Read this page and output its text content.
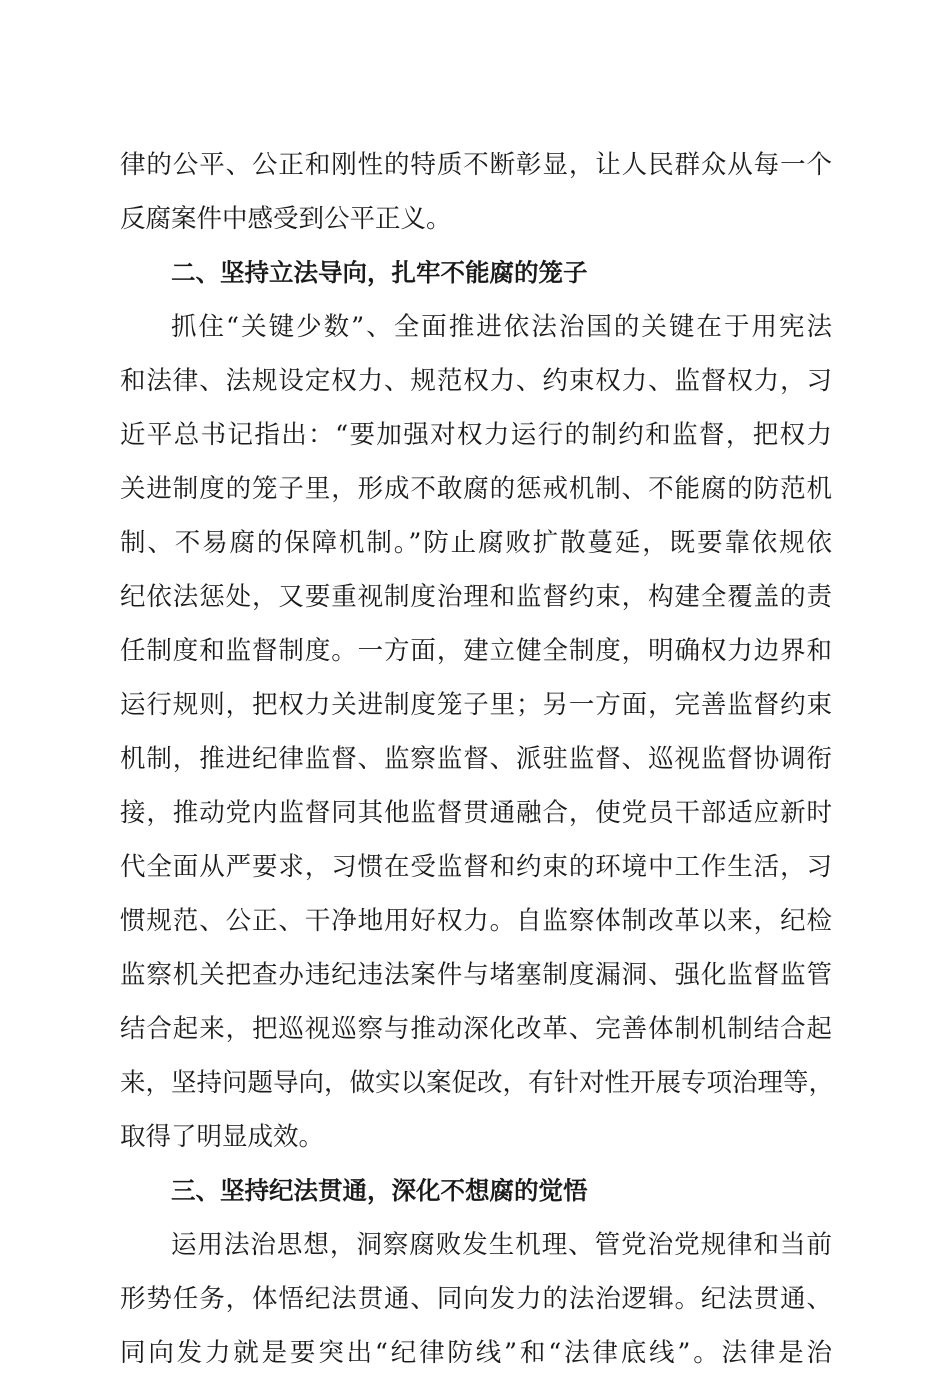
律的公平、公正和刚性的特质不断彰显，让人民群众从每一个
反腐案件中感受到公平正义。
二、坚持立法导向，扎牢不能腐的笼子
抓住“关键少数”、全面推进依法治国的关键在于用宪法
和法律、法规设定权力、规范权力、约束权力、监督权力，习
近平总书记指出：“要加强对权力运行的制约和监督，把权力
关进制度的笼子里，形成不敢腐的惩戒机制、不能腐的防范机
制、不易腐的保障机制。”防止腐败扩散蔓延，既要靠依规依
纪依法惩处，又要重视制度治理和监督约束，构建全覆盖的责
任制度和监督制度。一方面，建立健全制度，明确权力边界和
运行规则，把权力关进制度笼子里；另一方面，完善监督约束
机制，推进纪律监督、监察监督、派驻监督、巡视监督协调衔
接，推动党内监督同其他监督贯通融合，使党员干部适应新时
代全面从严要求，习惯在受监督和约束的环境中工作生活，习
惯规范、公正、干净地用好权力。自监察体制改革以来，纪检
监察机关把查办违纪违法案件与堵塞制度漏洞、强化监督监管
结合起来，把巡视巡察与推动深化改革、完善体制机制结合起
来，坚持问题导向，做实以案促改，有针对性开展专项治理等，
取得了明显成效。
三、坚持纪法贯通，深化不想腐的觉悟
运用法治思想，洞察腐败发生机理、管党治党规律和当前
形势任务，体悟纪法贯通、同向发力的法治逻辑。纪法贯通、
同向发力就是要突出“纪律防线”和“法律底线”。法律是治
